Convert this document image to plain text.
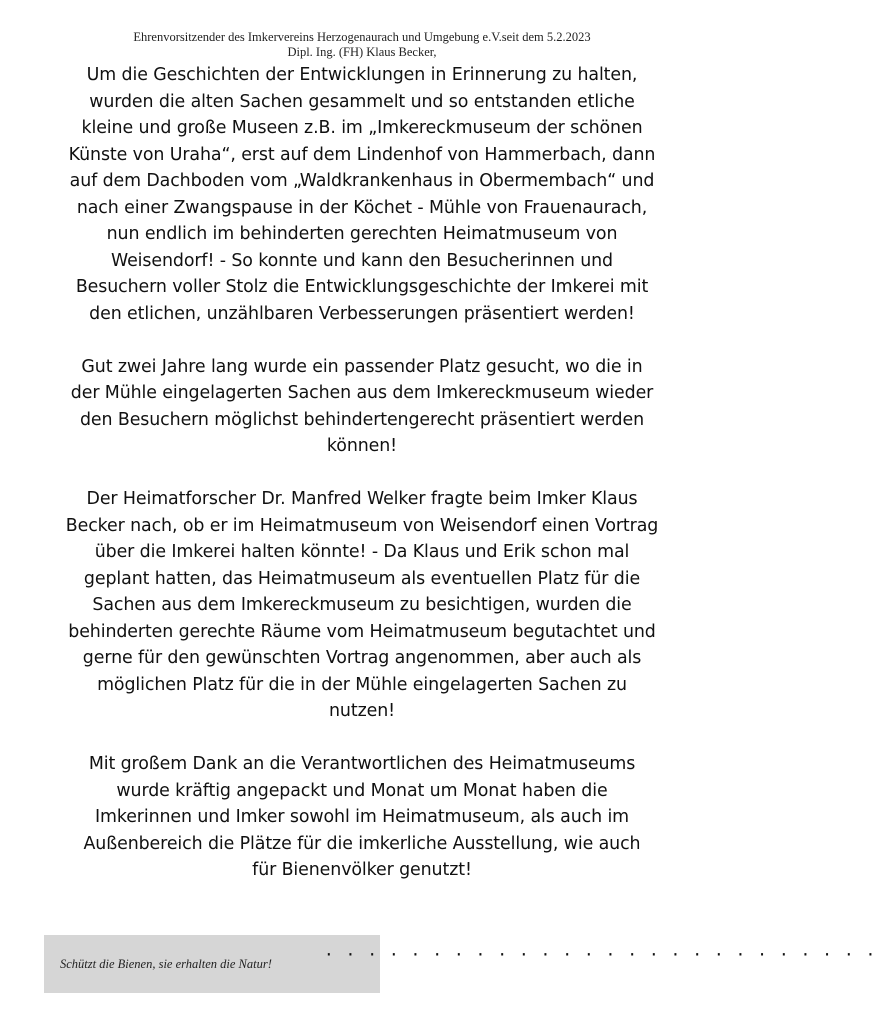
Ehrenvorsitzender des Imkervereins Herzogenaurach und Umgebung e.V.seit dem 5.2.2023
Dipl. Ing. (FH) Klaus Becker,

Um die Geschichten der Entwicklungen in Erinnerung zu halten,
wurden die alten Sachen gesammelt und so entstanden etliche
kleine und große Museen z.B. im „Imkereckmuseum der schönen
Künste von Uraha“, erst auf dem Lindenhof von Hammerbach, dann
auf dem Dachboden vom „Waldkrankenhaus in Obermembach“ und
nach einer Zwangspause in der Köchet - Mühle von Frauenaurach,
nun endlich im behinderten gerechten Heimatmuseum von
Weisendorf! - So konnte und kann den Besucherinnen und
Besuchern voller Stolz die Entwicklungsgeschichte der Imkerei mit
den etlichen, unzählbaren Verbesserungen präsentiert werden!

Gut zwei Jahre lang wurde ein passender Platz gesucht, wo die in
der Mühle eingelagerten Sachen aus dem Imkereckmuseum wieder
den Besuchern möglichst behindertengerecht präsentiert werden
können!

Der Heimatforscher Dr. Manfred Welker fragte beim Imker Klaus
Becker nach, ob er im Heimatmuseum von Weisendorf einen Vortrag
über die Imkerei halten könnte! - Da Klaus und Erik schon mal
geplant hatten, das Heimatmuseum als eventuellen Platz für die
Sachen aus dem Imkereckmuseum zu besichtigen, wurden die
behinderten gerechte Räume vom Heimatmuseum begutachtet und
gerne für den gewünschten Vortrag angenommen, aber auch als
möglichen Platz für die in der Mühle eingelagerten Sachen zu
nutzen!

Mit großem Dank an die Verantwortlichen des Heimatmuseums
wurde kräftig angepackt und Monat um Monat haben die
Imkerinnen und Imker sowohl im Heimatmuseum, als auch im
Außenbereich die Plätze für die imkerliche Ausstellung, wie auch
für Bienenvölker genutzt!

Schützt die Bienen, sie erhalten die Natur!	· · · · · · · · · · · · · · · · · · · · · · · · · ·
